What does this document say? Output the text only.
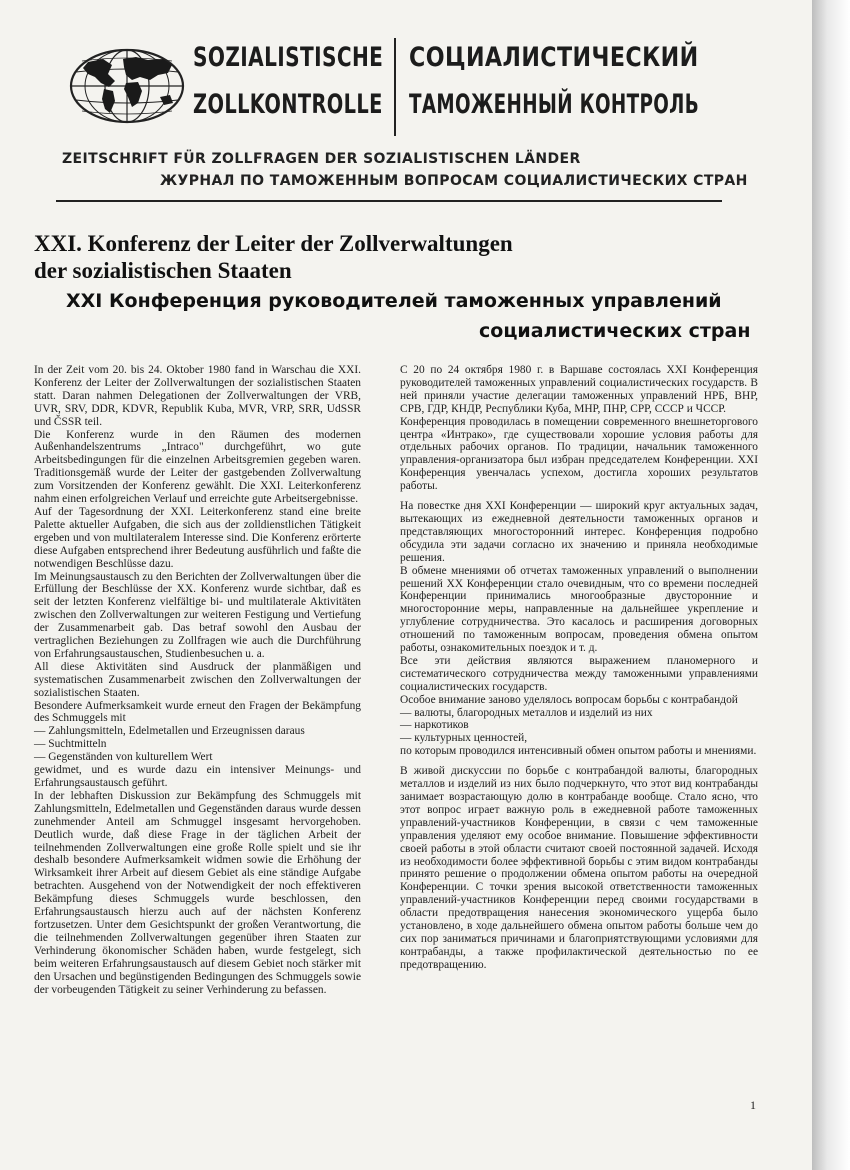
SOZIALISTISCHE
ZOLLKONTROLLE
СОЦИАЛИСТИЧЕСКИЙ
ТАМОЖЕННЫЙ КОНТРОЛЬ
ZEITSCHRIFT FÜR ZOLLFRAGEN DER SOZIALISTISCHEN LÄNDER
ЖУРНАЛ ПО ТАМОЖЕННЫМ ВОПРОСАМ СОЦИАЛИСТИЧЕСКИХ СТРАН
XXI. Konferenz der Leiter der Zollverwaltungen
der sozialistischen Staaten
XXI Конференция руководителей таможенных управлений
социалистических стран

In der Zeit vom 20. bis 24. Oktober 1980 fand in Warschau die XXI. Konferenz der Leiter der Zollverwaltungen der sozialistischen Staaten statt. Daran nahmen Delegationen der Zollverwaltungen der VRB, UVR, SRV, DDR, KDVR, Republik Kuba, MVR, VRP, SRR, UdSSR und ČSSR teil.

Die Konferenz wurde in den Räumen des modernen Außenhandelszentrums „Intraco" durchgeführt, wo gute Arbeitsbedingungen für die einzelnen Arbeitsgremien gegeben waren. Traditionsgemäß wurde der Leiter der gastgebenden Zollverwaltung zum Vorsitzenden der Konferenz gewählt. Die XXI. Leiterkonferenz nahm einen erfolgreichen Verlauf und erreichte gute Arbeitsergebnisse.

Auf der Tagesordnung der XXI. Leiterkonferenz stand eine breite Palette aktueller Aufgaben, die sich aus der zolldienstlichen Tätigkeit ergeben und von multilateralem Interesse sind. Die Konferenz erörterte diese Aufgaben entsprechend ihrer Bedeutung ausführlich und faßte die notwendigen Beschlüsse dazu.

Im Meinungsaustausch zu den Berichten der Zollverwaltungen über die Erfüllung der Beschlüsse der XX. Konferenz wurde sichtbar, daß es seit der letzten Konferenz vielfältige bi- und multilaterale Aktivitäten zwischen den Zollverwaltungen zur weiteren Festigung und Vertiefung der Zusammenarbeit gab. Das betraf sowohl den Ausbau der vertraglichen Beziehungen zu Zollfragen wie auch die Durchführung von Erfahrungsaustauschen, Studienbesuchen u. a.

All diese Aktivitäten sind Ausdruck der planmäßigen und systematischen Zusammenarbeit zwischen den Zollverwaltungen der sozialistischen Staaten.

Besondere Aufmerksamkeit wurde erneut den Fragen der Bekämpfung des Schmuggels mit

— Zahlungsmitteln, Edelmetallen und Erzeugnissen daraus
— Suchtmitteln
— Gegenständen von kulturellem Wert

gewidmet, und es wurde dazu ein intensiver Meinungs- und Erfahrungsaustausch geführt.

In der lebhaften Diskussion zur Bekämpfung des Schmuggels mit Zahlungsmitteln, Edelmetallen und Gegenständen daraus wurde dessen zunehmender Anteil am Schmuggel insgesamt hervorgehoben. Deutlich wurde, daß diese Frage in der täglichen Arbeit der teilnehmenden Zollverwaltungen eine große Rolle spielt und sie ihr deshalb besondere Aufmerksamkeit widmen sowie die Erhöhung der Wirksamkeit ihrer Arbeit auf diesem Gebiet als eine ständige Aufgabe betrachten. Ausgehend von der Notwendigkeit der noch effektiveren Bekämpfung dieses Schmuggels wurde beschlossen, den Erfahrungsaustausch hierzu auch auf der nächsten Konferenz fortzusetzen. Unter dem Gesichtspunkt der großen Verantwortung, die die teilnehmenden Zollverwaltungen gegenüber ihren Staaten zur Verhinderung ökonomischer Schäden haben, wurde festgelegt, sich beim weiteren Erfahrungsaustausch auf diesem Gebiet noch stärker mit den Ursachen und begünstigenden Bedingungen des Schmuggels sowie der vorbeugenden Tätigkeit zu seiner Verhinderung zu befassen.

С 20 по 24 октября 1980 г. в Варшаве состоялась XXI Конференция руководителей таможенных управлений социалистических государств. В ней приняли участие делегации таможенных управлений НРБ, ВНР, СРВ, ГДР, КНДР, Республики Куба, МНР, ПНР, СРР, СССР и ЧССР.

Конференция проводилась в помещении современного внешнеторгового центра «Интрако», где существовали хорошие условия работы для отдельных рабочих органов. По традиции, начальник таможенного управления-организатора был избран председателем Конференции. XXI Конференция увенчалась успехом, достигла хороших результатов работы.

На повестке дня XXI Конференции — широкий круг актуальных задач, вытекающих из ежедневной деятельности таможенных органов и представляющих многосторонний интерес. Конференция подробно обсудила эти задачи согласно их значению и приняла необходимые решения.

В обмене мнениями об отчетах таможенных управлений о выполнении решений XX Конференции стало очевидным, что со времени последней Конференции принимались многообразные двусторонние и многосторонние меры, направленные на дальнейшее укрепление и углубление сотрудничества. Это касалось и расширения договорных отношений по таможенным вопросам, проведения обмена опытом работы, ознакомительных поездок и т. д.

Все эти действия являются выражением планомерного и систематического сотрудничества между таможенными управлениями социалистических государств.

Особое внимание заново уделялось вопросам борьбы с контрабандой

— валюты, благородных металлов и изделий из них
— наркотиков
— культурных ценностей,

по которым проводился интенсивный обмен опытом работы и мнениями.

В живой дискуссии по борьбе с контрабандой валюты, благородных металлов и изделий из них было подчеркнуто, что этот вид контрабанды занимает возрастающую долю в контрабанде вообще. Стало ясно, что этот вопрос играет важную роль в ежедневной работе таможенных управлений-участников Конференции, в связи с чем таможенные управления уделяют ему особое внимание. Повышение эффективности своей работы в этой области считают своей постоянной задачей. Исходя из необходимости более эффективной борьбы с этим видом контрабанды принято решение о продолжении обмена опытом работы на очередной Конференции. С точки зрения высокой ответственности таможенных управлений-участников Конференции перед своими государствами в области предотвращения нанесения экономического ущерба было установлено, в ходе дальнейшего обмена опытом работы больше чем до сих пор заниматься причинами и благоприятствующими условиями для контрабанды, а также профилактической деятельностью по ее предотвращению.

1
